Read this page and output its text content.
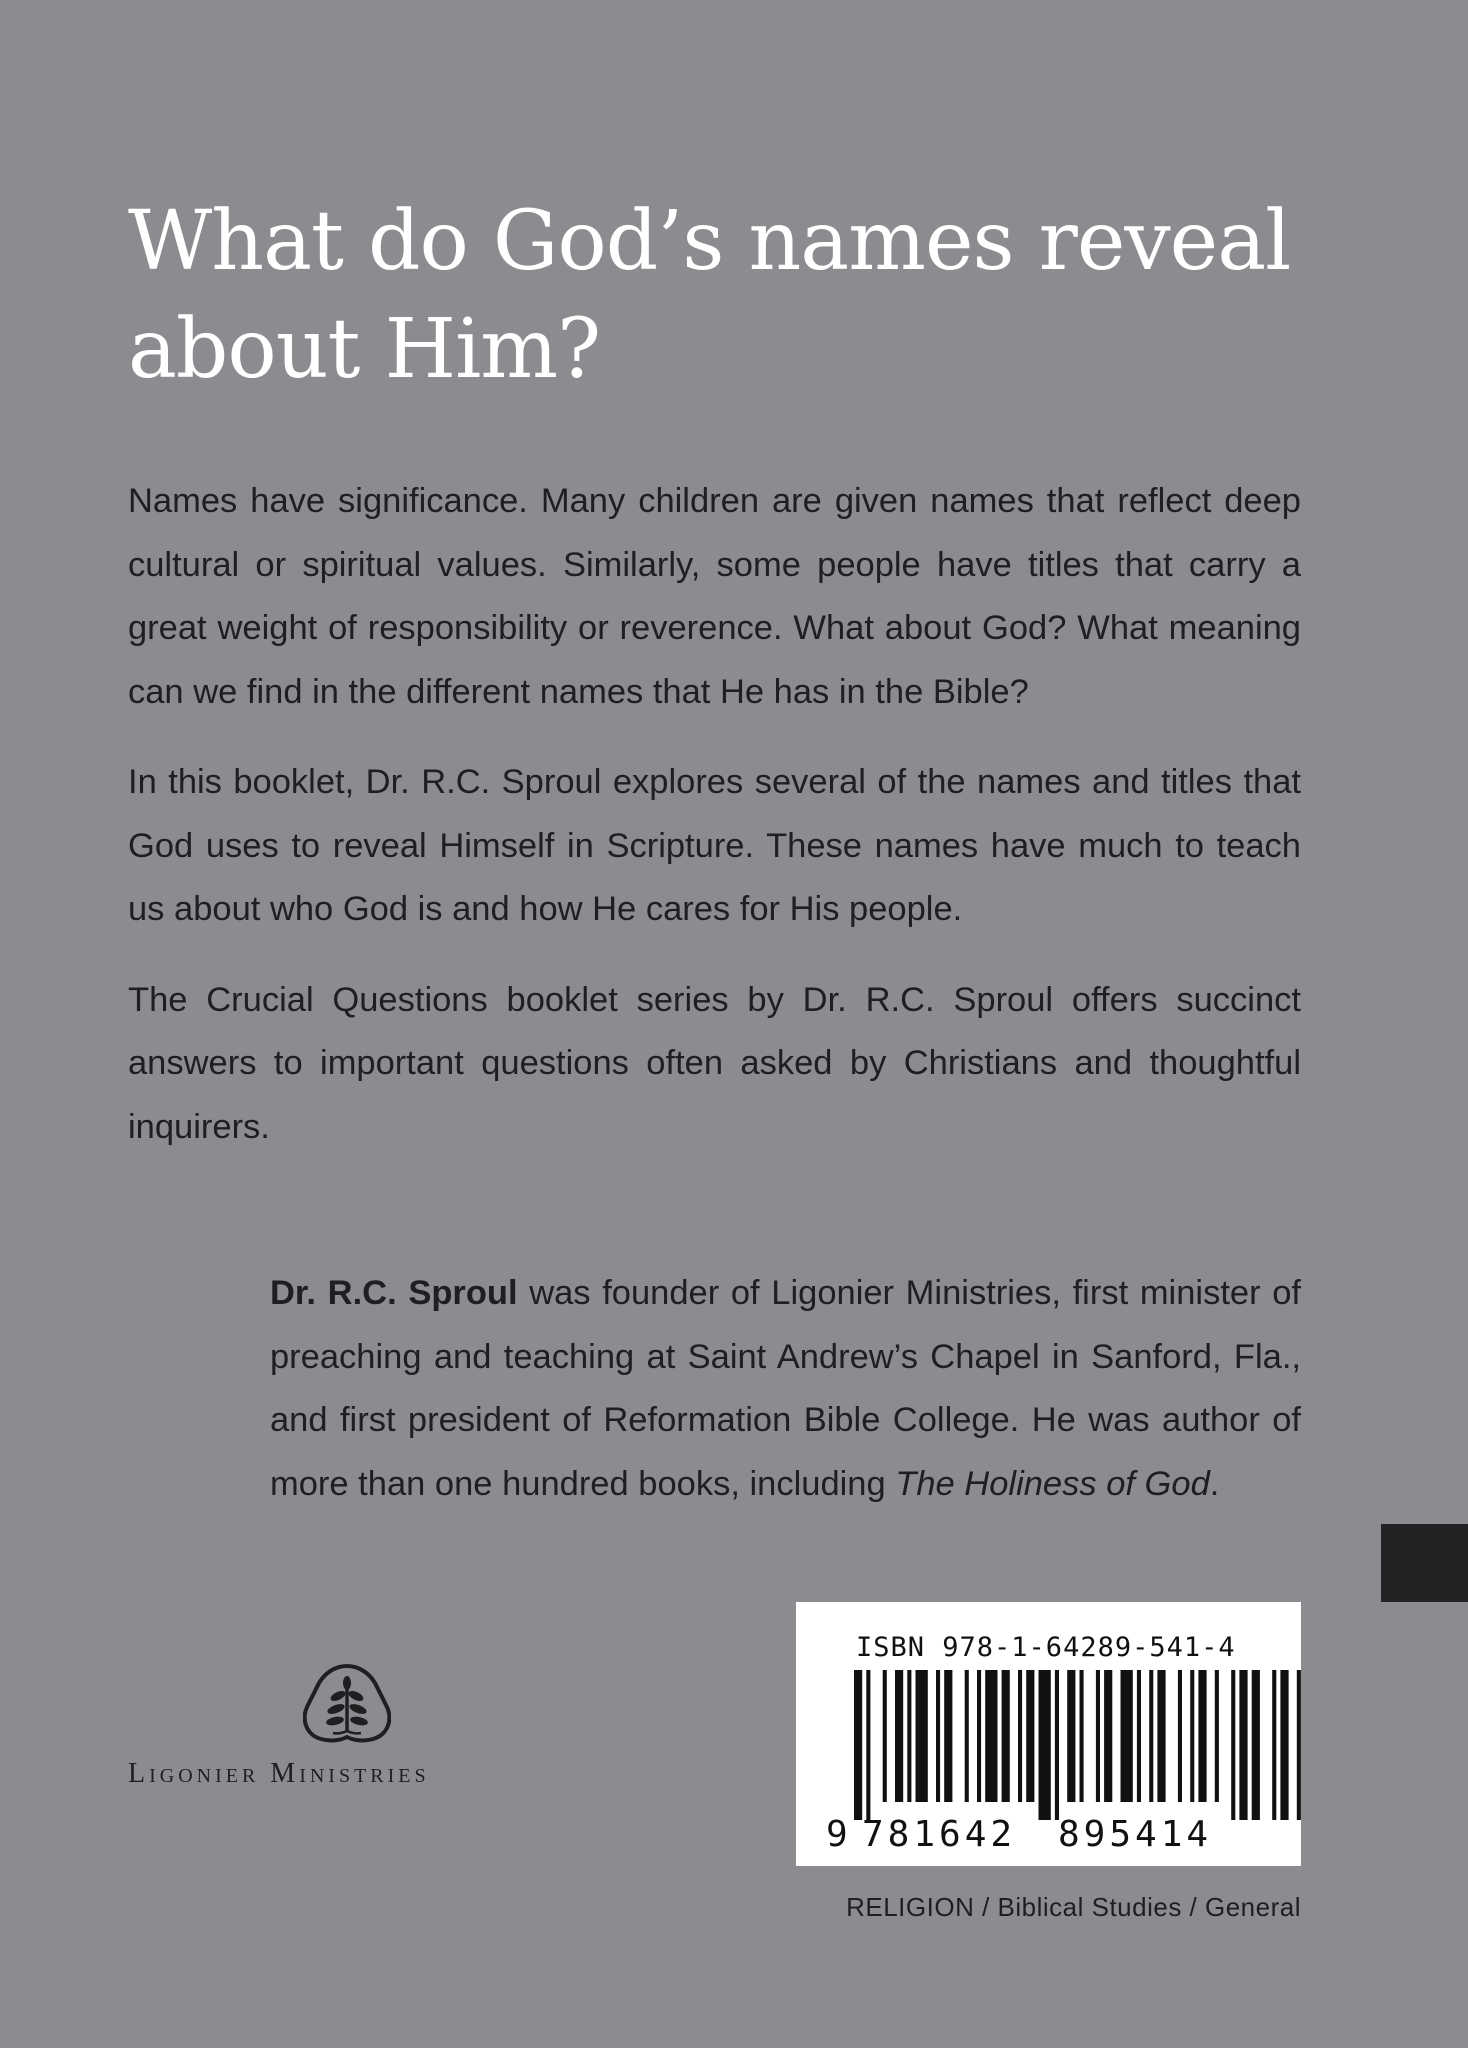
What do God’s names reveal about Him?

Names have significance. Many children are given names that reflect deep cultural or spiritual values. Similarly, some people have titles that carry a great weight of responsibility or reverence. What about God? What meaning can we find in the different names that He has in the Bible?

In this booklet, Dr. R.C. Sproul explores several of the names and titles that God uses to reveal Himself in Scripture. These names have much to teach us about who God is and how He cares for His people.

The Crucial Questions booklet series by Dr. R.C. Sproul offers succinct answers to important questions often asked by Christians and thoughtful inquirers.

Dr. R.C. Sproul was founder of Ligonier Ministries, first minister of preaching and teaching at Saint Andrew’s Chapel in Sanford, Fla., and first president of Reformation Bible College. He was author of more than one hundred books, including The Holiness of God.

Ligonier Ministries
ISBN 978-1-64289-541-4
9 781642 895414
RELIGION / Biblical Studies / General
